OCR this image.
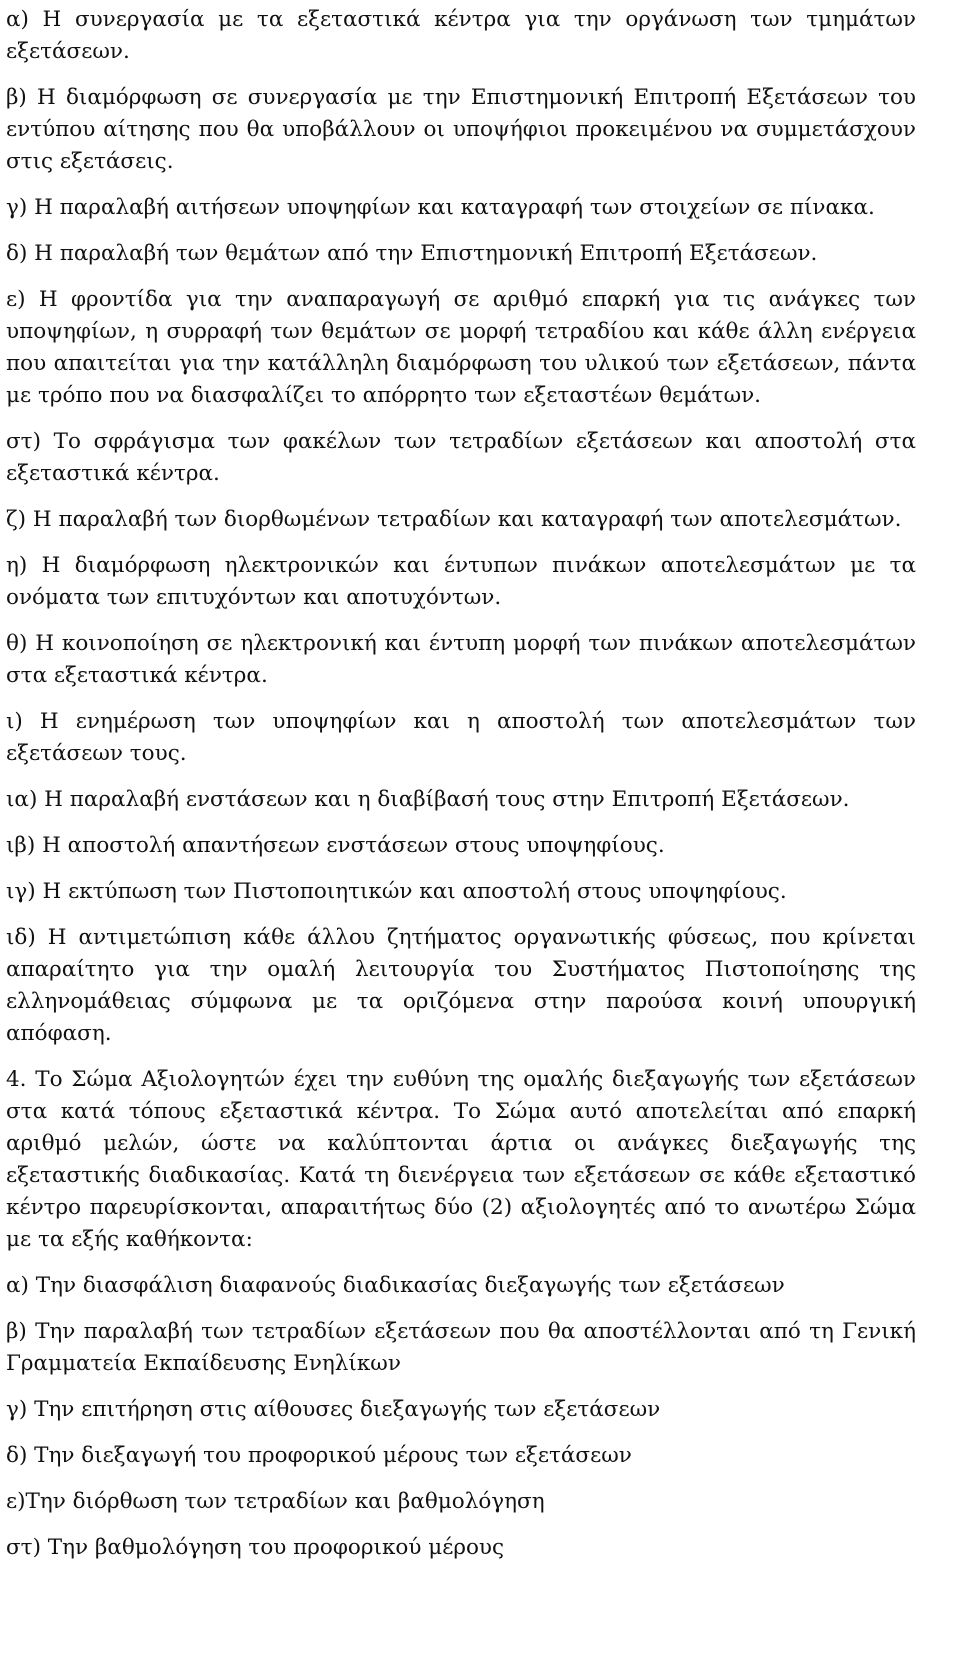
α) Η συνεργασία με τα εξεταστικά κέντρα για την οργάνωση των τμημάτων εξετάσεων.

β) Η διαμόρφωση σε συνεργασία με την Επιστημονική Επιτροπή Εξετάσεων του εντύπου αίτησης που θα υποβάλλουν οι υποψήφιοι προκειμένου να συμμετάσχουν στις εξετάσεις.

γ) Η παραλαβή αιτήσεων υποψηφίων και καταγραφή των στοιχείων σε πίνακα.

δ) Η παραλαβή των θεμάτων από την Επιστημονική Επιτροπή Εξετάσεων.

ε) Η φροντίδα για την αναπαραγωγή σε αριθμό επαρκή για τις ανάγκες των υποψηφίων, η συρραφή των θεμάτων σε μορφή τετραδίου και κάθε άλλη ενέργεια που απαιτείται για την κατάλληλη διαμόρφωση του υλικού των εξετάσεων, πάντα με τρόπο που να διασφαλίζει το απόρρητο των εξεταστέων θεμάτων.

στ) Το σφράγισμα των φακέλων των τετραδίων εξετάσεων και αποστολή στα εξεταστικά κέντρα.

ζ) Η παραλαβή των διορθωμένων τετραδίων και καταγραφή των αποτελεσμάτων.

η) Η διαμόρφωση ηλεκτρονικών και έντυπων πινάκων αποτελεσμάτων με τα ονόματα των επιτυχόντων και αποτυχόντων.

θ) Η κοινοποίηση σε ηλεκτρονική και έντυπη μορφή των πινάκων αποτελεσμάτων στα εξεταστικά κέντρα.

ι) Η ενημέρωση των υποψηφίων και η αποστολή των αποτελεσμάτων των εξετάσεων τους.

ια) Η παραλαβή ενστάσεων και η διαβίβασή τους στην Επιτροπή Εξετάσεων.

ιβ) Η αποστολή απαντήσεων ενστάσεων στους υποψηφίους.

ιγ) Η εκτύπωση των Πιστοποιητικών και αποστολή στους υποψηφίους.

ιδ) Η αντιμετώπιση κάθε άλλου ζητήματος οργανωτικής φύσεως, που κρίνεται απαραίτητο για την ομαλή λειτουργία του Συστήματος Πιστοποίησης της ελληνομάθειας σύμφωνα με τα οριζόμενα στην παρούσα κοινή υπουργική απόφαση.

4. Το Σώμα Αξιολογητών έχει την ευθύνη της ομαλής διεξαγωγής των εξετάσεων στα κατά τόπους εξεταστικά κέντρα. Το Σώμα αυτό αποτελείται από επαρκή αριθμό μελών, ώστε να καλύπτονται άρτια οι ανάγκες διεξαγωγής της εξεταστικής διαδικασίας. Κατά τη διενέργεια των εξετάσεων σε κάθε εξεταστικό κέντρο παρευρίσκονται, απαραιτήτως δύο (2) αξιολογητές από το ανωτέρω Σώμα με τα εξής καθήκοντα:

α) Την διασφάλιση διαφανούς διαδικασίας διεξαγωγής των εξετάσεων

β) Την παραλαβή των τετραδίων εξετάσεων που θα αποστέλλονται από τη Γενική Γραμματεία Εκπαίδευσης Ενηλίκων

γ) Την επιτήρηση στις αίθουσες διεξαγωγής των εξετάσεων

δ) Την διεξαγωγή του προφορικού μέρους των εξετάσεων

ε)Την διόρθωση των τετραδίων και βαθμολόγηση

στ) Την βαθμολόγηση του προφορικού μέρους
